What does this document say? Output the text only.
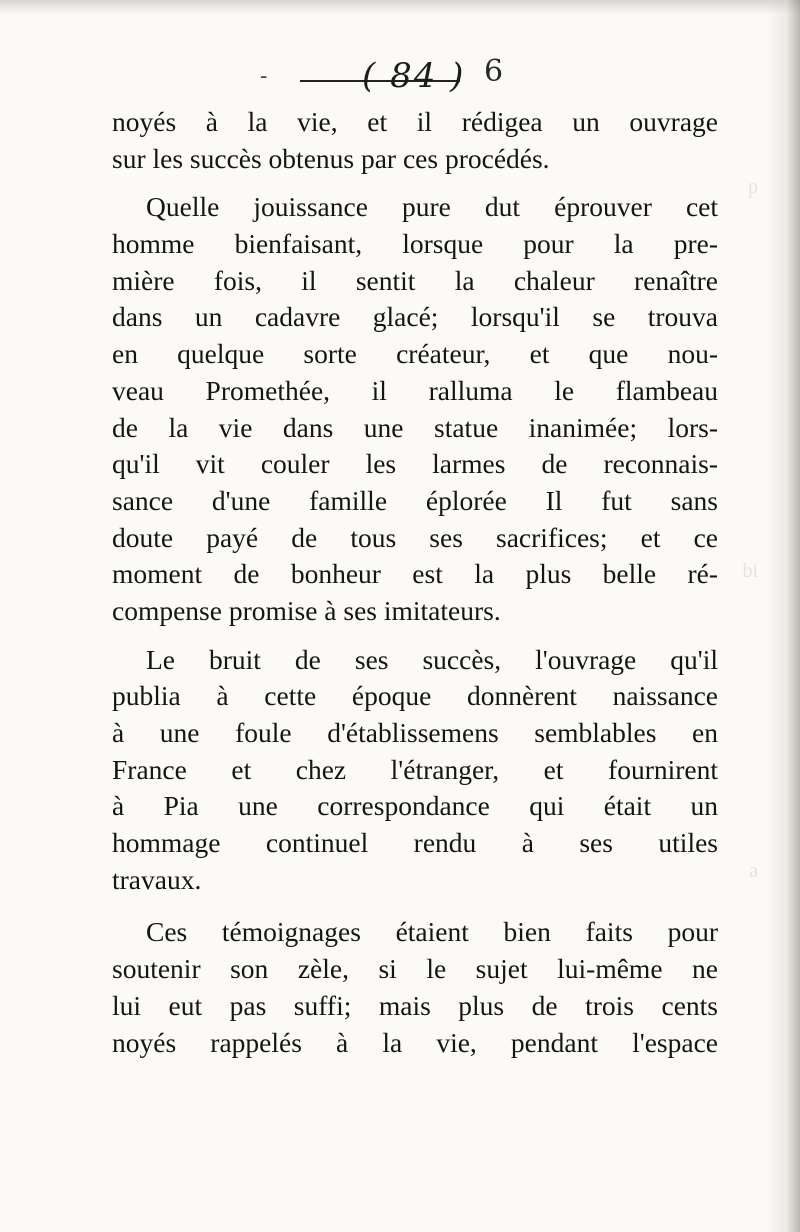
p
bi
a
-	( 84 ) 6
noyés à la vie, et il rédigea un ouvrage
sur les succès obtenus par ces procédés.
Quelle jouissance pure dut éprouver cet
homme bienfaisant, lorsque pour la pre-
mière fois, il sentit la chaleur renaître
dans un cadavre glacé; lorsqu'il se trouva
en quelque sorte créateur, et que nou-
veau Promethée, il ralluma le flambeau
de la vie dans une statue inanimée; lors-
qu'il vit couler les larmes de reconnais-
sance d'une famille éplorée Il fut sans
doute payé de tous ses sacrifices; et ce
moment de bonheur est la plus belle ré-
compense promise à ses imitateurs.
Le bruit de ses succès, l'ouvrage qu'il
publia à cette époque donnèrent naissance
à une foule d'établissemens semblables en
France et chez l'étranger, et fournirent
à Pia une correspondance qui était un
hommage continuel rendu à ses utiles
travaux.
Ces témoignages étaient bien faits pour
soutenir son zèle, si le sujet lui-même ne
lui eut pas suffi; mais plus de trois cents
noyés rappelés à la vie, pendant l'espace
